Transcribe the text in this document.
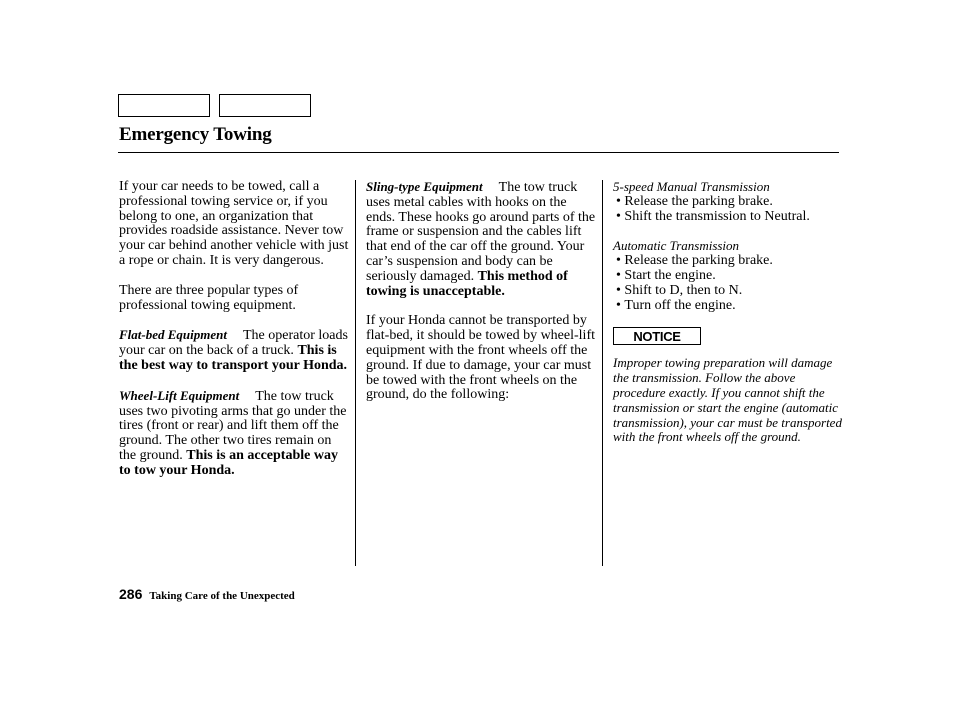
Emergency Towing

If your car needs to be towed, call a professional towing service or, if you belong to one, an organization that provides roadside assistance. Never tow your car behind another vehicle with just a rope or chain. It is very dangerous.

There are three popular types of professional towing equipment.

Flat-bed Equipment The operator loads your car on the back of a truck. This is the best way to transport your Honda.

Wheel-Lift Equipment The tow truck uses two pivoting arms that go under the tires (front or rear) and lift them off the ground. The other two tires remain on the ground. This is an acceptable way to tow your Honda.

Sling-type Equipment The tow truck uses metal cables with hooks on the ends. These hooks go around parts of the frame or suspension and the cables lift that end of the car off the ground. Your car’s suspension and body can be seriously damaged. This method of towing is unacceptable.

If your Honda cannot be transported by flat-bed, it should be towed by wheel-lift equipment with the front wheels off the ground. If due to damage, your car must be towed with the front wheels on the ground, do the following:

5-speed Manual Transmission
• Release the parking brake.
• Shift the transmission to Neutral.
Automatic Transmission
• Release the parking brake.
• Start the engine.
• Shift to D, then to N.
• Turn off the engine.
NOTICE
Improper towing preparation will damage the transmission. Follow the above procedure exactly. If you cannot shift the transmission or start the engine (automatic transmission), your car must be transported with the front wheels off the ground.
286 Taking Care of the Unexpected
